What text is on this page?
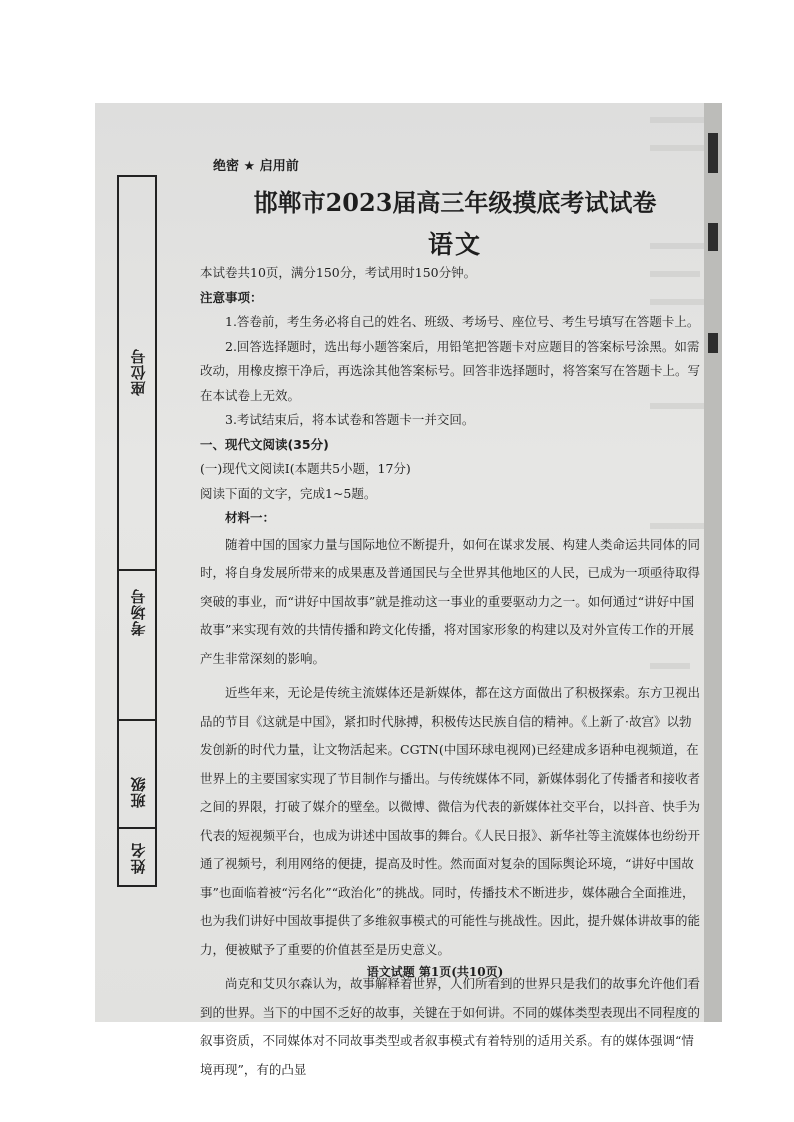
座位号
考场号
班级
姓名
绝密 ★ 启用前
邯郸市2023届高三年级摸底考试试卷
语文

本试卷共10页，满分150分，考试用时150分钟。

注意事项：

1.答卷前，考生务必将自己的姓名、班级、考场号、座位号、考生号填写在答题卡上。

2.回答选择题时，选出每小题答案后，用铅笔把答题卡对应题目的答案标号涂黑。如需改动，用橡皮擦干净后，再选涂其他答案标号。回答非选择题时，将答案写在答题卡上。写在本试卷上无效。

3.考试结束后，将本试卷和答题卡一并交回。

一、现代文阅读(35分)

(一)现代文阅读Ⅰ(本题共5小题，17分)

阅读下面的文字，完成1~5题。

材料一：

随着中国的国家力量与国际地位不断提升，如何在谋求发展、构建人类命运共同体的同时，将自身发展所带来的成果惠及普通国民与全世界其他地区的人民，已成为一项亟待取得突破的事业，而“讲好中国故事”就是推动这一事业的重要驱动力之一。如何通过“讲好中国故事”来实现有效的共情传播和跨文化传播，将对国家形象的构建以及对外宣传工作的开展产生非常深刻的影响。

近些年来，无论是传统主流媒体还是新媒体，都在这方面做出了积极探索。东方卫视出品的节目《这就是中国》，紧扣时代脉搏，积极传达民族自信的精神。《上新了·故宫》以勃发创新的时代力量，让文物活起来。CGTN(中国环球电视网)已经建成多语种电视频道，在世界上的主要国家实现了节目制作与播出。与传统媒体不同，新媒体弱化了传播者和接收者之间的界限，打破了媒介的壁垒。以微博、微信为代表的新媒体社交平台，以抖音、快手为代表的短视频平台，也成为讲述中国故事的舞台。《人民日报》、新华社等主流媒体也纷纷开通了视频号，利用网络的便捷，提高及时性。然而面对复杂的国际舆论环境，“讲好中国故事”也面临着被“污名化”“政治化”的挑战。同时，传播技术不断进步，媒体融合全面推进，也为我们讲好中国故事提供了多维叙事模式的可能性与挑战性。因此，提升媒体讲故事的能力，便被赋予了重要的价值甚至是历史意义。

尚克和艾贝尔森认为，故事解释着世界，人们所看到的世界只是我们的故事允许他们看到的世界。当下的中国不乏好的故事，关键在于如何讲。不同的媒体类型表现出不同程度的叙事资质，不同媒体对不同故事类型或者叙事模式有着特别的适用关系。有的媒体强调“情境再现”，有的凸显

语文试题 第1页(共10页)
